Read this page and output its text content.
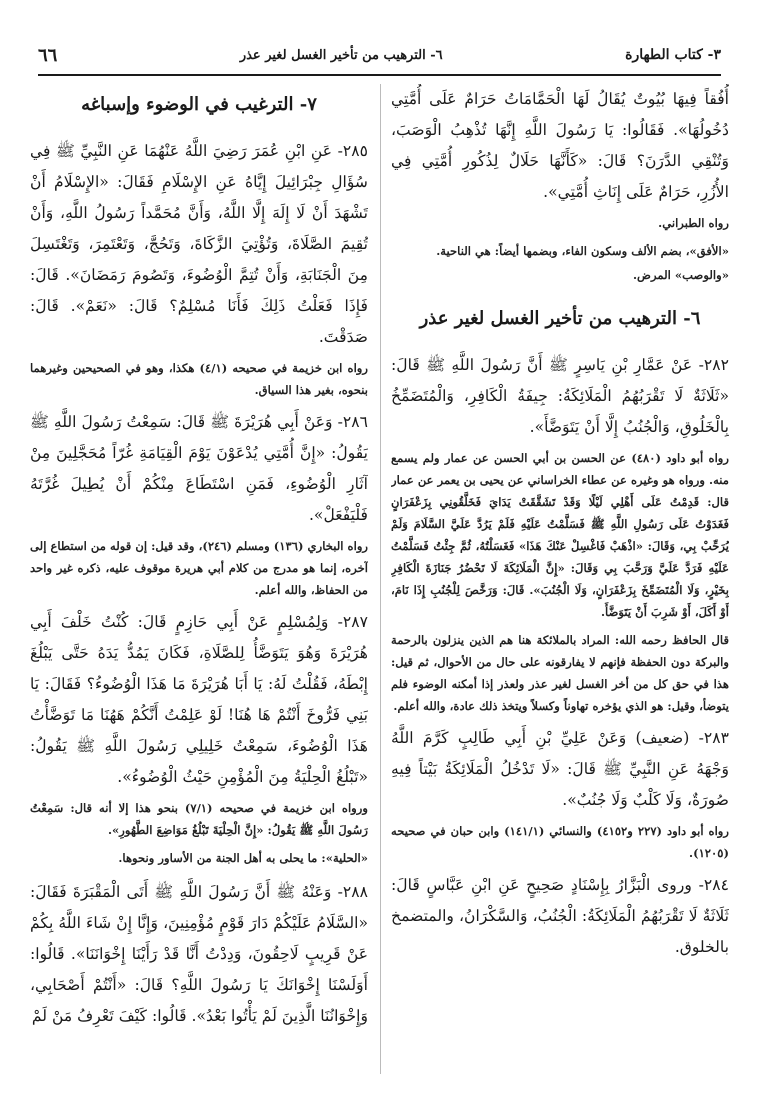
٣- كتاب الطهارة
٦- الترهيب من تأخير الغسل لغير عذر
٦٦

أُفُقاً فِيهَا بُيُوتٌ يُقَالُ لَهَا الْحَمَّامَاتُ حَرَامٌ عَلَى أُمَّتِي دُخُولُهَا». فَقَالُوا: يَا رَسُولَ اللَّهِ إِنَّهَا تُذْهِبُ الْوَصَبَ، وَتُنْقِي الدَّرَنَ؟ قَالَ: «كَأَنَّهَا حَلَالٌ لِذُكُورِ أُمَّتِي فِي الأُزُرِ، حَرَامٌ عَلَى إِنَاثِ أُمَّتِي».

رواه الطبراني.

«الأفق»، بضم الألف وسكون الفاء، وبضمها أيضاً: هي الناحية.

«والوصب» المرض.

٦- الترهيب من تأخير الغسل لغير عذر

٢٨٢- عَنْ عَمَّارِ بْنِ يَاسِرٍ ﷺ أَنَّ رَسُولَ اللَّهِ ﷺ قَالَ: «ثَلَاثَةٌ لَا تَقْرَبُهُمُ الْمَلَائِكَةُ: جِيفَةُ الْكَافِرِ، وَالْمُتَضَمِّخُ بِالْخَلُوقِ، وَالْجُنُبُ إِلَّا أَنْ يَتَوَضَّأَ».

رواه أبو داود (٤٨٠) عن الحسن بن أبي الحسن عن عمار ولم يسمع منه. ورواه هو وغيره عن عطاء الخراساني عن يحيى بن يعمر عن عمار قال: قَدِمْتُ عَلَى أَهْلِي لَيْلًا وَقَدْ تَشَقَّقَتْ يَدَايَ فَخَلَّقُونِي بِزَعْفَرَانٍ فَغَدَوْتُ عَلَى رَسُولِ اللَّهِ ﷺ فَسَلَّمْتُ عَلَيْهِ فَلَمْ يَرُدَّ عَلَيَّ السَّلَامَ وَلَمْ يُرَحِّبْ بِي، وَقَالَ: «اذْهَبْ فَاغْسِلْ عَنْكَ هَذَا» فَغَسَلْتُهُ، ثُمَّ جِئْتُ فَسَلَّمْتُ عَلَيْهِ فَرَدَّ عَلَيَّ وَرَحَّبَ بِي وَقَالَ: «إِنَّ الْمَلَائِكَةَ لَا تَحْضُرُ جَنَازَةَ الْكَافِرِ بِخَيْرٍ، وَلَا الْمُتَضَمِّخَ بِزَعْفَرَانٍ، وَلَا الْجُنُبَ». قَالَ: وَرَخَّصَ لِلْجُنُبِ إِذَا نَامَ، أَوْ أَكَلَ، أَوْ شَرِبَ أَنْ يَتَوَضَّأَ.

قال الحافظ رحمه الله: المراد بالملائكة هنا هم الذين ينزلون بالرحمة والبركة دون الحفظة فإنهم لا يفارقونه على حال من الأحوال، ثم قيل: هذا في حق كل من أخر الغسل لغير عذر ولعذر إذا أمكنه الوضوء فلم يتوضأ، وقيل: هو الذي يؤخره تهاوناً وكسلاً ويتخذ ذلك عادة، والله أعلم.

٢٨٣- (ضعيف) وَعَنْ عَلِيِّ بْنِ أَبِي طَالِبٍ كَرَّمَ اللَّهُ وَجْهَهُ عَنِ النَّبِيِّ ﷺ قَالَ: «لَا تَدْخُلُ الْمَلَائِكَةُ بَيْتاً فِيهِ صُورَةٌ، وَلَا كَلْبٌ وَلَا جُنُبٌ».

رواه أبو داود (٢٢٧ و٤١٥٢) والنسائي (١٤١/١) وابن حبان في صحيحه (١٢٠٥).

٢٨٤- وروى الْبَزَّارُ بِإِسْنَادٍ صَحِيحٍ عَنِ ابْنِ عَبَّاسٍ قَالَ: ثَلَاثَةٌ لَا تَقْرَبُهُمُ الْمَلَائِكَةُ: الْجُنُبُ، وَالسَّكْرَانُ، والمتضمخ بالخلوق.

٧- الترغيب في الوضوء وإسباغه

٢٨٥- عَنِ ابْنِ عُمَرَ رَضِيَ اللَّهُ عَنْهُمَا عَنِ النَّبِيِّ ﷺ فِي سُؤَالِ جِبْرَائِيلَ إِيَّاهُ عَنِ الإِسْلَامِ فَقَالَ: «الإِسْلَامُ أَنْ تَشْهَدَ أَنْ لَا إِلَهَ إِلَّا اللَّهُ، وَأَنَّ مُحَمَّداً رَسُولُ اللَّهِ، وَأَنْ تُقِيمَ الصَّلَاةَ، وَتُؤْتِيَ الزَّكَاةَ، وَتَحُجَّ، وَتَعْتَمِرَ، وَتَغْتَسِلَ مِنَ الْجَنَابَةِ، وَأَنْ تُتِمَّ الْوُضُوءَ، وَتَصُومَ رَمَضَانَ». قَالَ: فَإِذَا فَعَلْتُ ذَلِكَ فَأَنَا مُسْلِمٌ؟ قَالَ: «نَعَمْ». قَالَ: صَدَقْتَ.

رواه ابن خزيمة في صحيحه (٤/١) هكذا، وهو في الصحيحين وغيرهما بنحوه، بغير هذا السياق.

٢٨٦- وَعَنْ أَبِي هُرَيْرَةَ ﷺ قَالَ: سَمِعْتُ رَسُولَ اللَّهِ ﷺ يَقُولُ: «إِنَّ أُمَّتِي يُدْعَوْنَ يَوْمَ الْقِيَامَةِ غُرّاً مُحَجَّلِينَ مِنْ آثَارِ الْوُضُوءِ، فَمَنِ اسْتَطَاعَ مِنْكُمْ أَنْ يُطِيلَ غُرَّتَهُ فَلْيَفْعَلْ».

رواه البخاري (١٣٦) ومسلم (٢٤٦)، وقد قيل: إن قوله من استطاع إلى آخره، إنما هو مدرج من كلام أبي هريرة موقوف عليه، ذكره غير واحد من الحفاظ، والله أعلم.

٢٨٧- وَلِمُسْلِمٍ عَنْ أَبِي حَازِمٍ قَالَ: كُنْتُ خَلْفَ أَبِي هُرَيْرَةَ وَهُوَ يَتَوَضَّأُ لِلصَّلَاةِ، فَكَانَ يَمُدُّ يَدَهُ حَتَّى يَبْلُغَ إِبْطَهُ، فَقُلْتُ لَهُ: يَا أَبَا هُرَيْرَةَ مَا هَذَا الْوُضُوءُ؟ فَقَالَ: يَا بَنِي فَرُّوخَ أَنْتُمْ هَا هُنَا! لَوْ عَلِمْتُ أَنَّكُمْ هَهُنَا مَا تَوَضَّأْتُ هَذَا الْوُضُوءَ، سَمِعْتُ خَلِيلِي رَسُولَ اللَّهِ ﷺ يَقُولُ: «تَبْلُغُ الْحِلْيَةُ مِنَ الْمُؤْمِنِ حَيْثُ الْوُضُوءُ».

ورواه ابن خزيمة في صحيحه (٧/١) بنحو هذا إلا أنه قال: سَمِعْتُ رَسُولَ اللَّهِ ﷺ يَقُولُ: «إِنَّ الْحِلْيَةَ تَبْلُغُ مَوَاضِعَ الطَّهُورِ».

«الحلية»: ما يحلى به أهل الجنة من الأساور ونحوها.

٢٨٨- وَعَنْهُ ﷺ أَنَّ رَسُولَ اللَّهِ ﷺ أَتَى الْمَقْبَرَةَ فَقَالَ: «السَّلَامُ عَلَيْكُمْ دَارَ قَوْمٍ مُؤْمِنِينَ، وَإِنَّا إِنْ شَاءَ اللَّهُ بِكُمْ عَنْ قَرِيبٍ لَاحِقُونَ، وَدِدْتُ أَنَّا قَدْ رَأَيْنَا إِخْوَانَنَا». قَالُوا: أَوَلَسْنَا إِخْوَانَكَ يَا رَسُولَ اللَّهِ؟ قَالَ: «أَنْتُمْ أَصْحَابِي، وَإِخْوَانُنَا الَّذِينَ لَمْ يَأْتُوا بَعْدُ». قَالُوا: كَيْفَ تَعْرِفُ مَنْ لَمْ
